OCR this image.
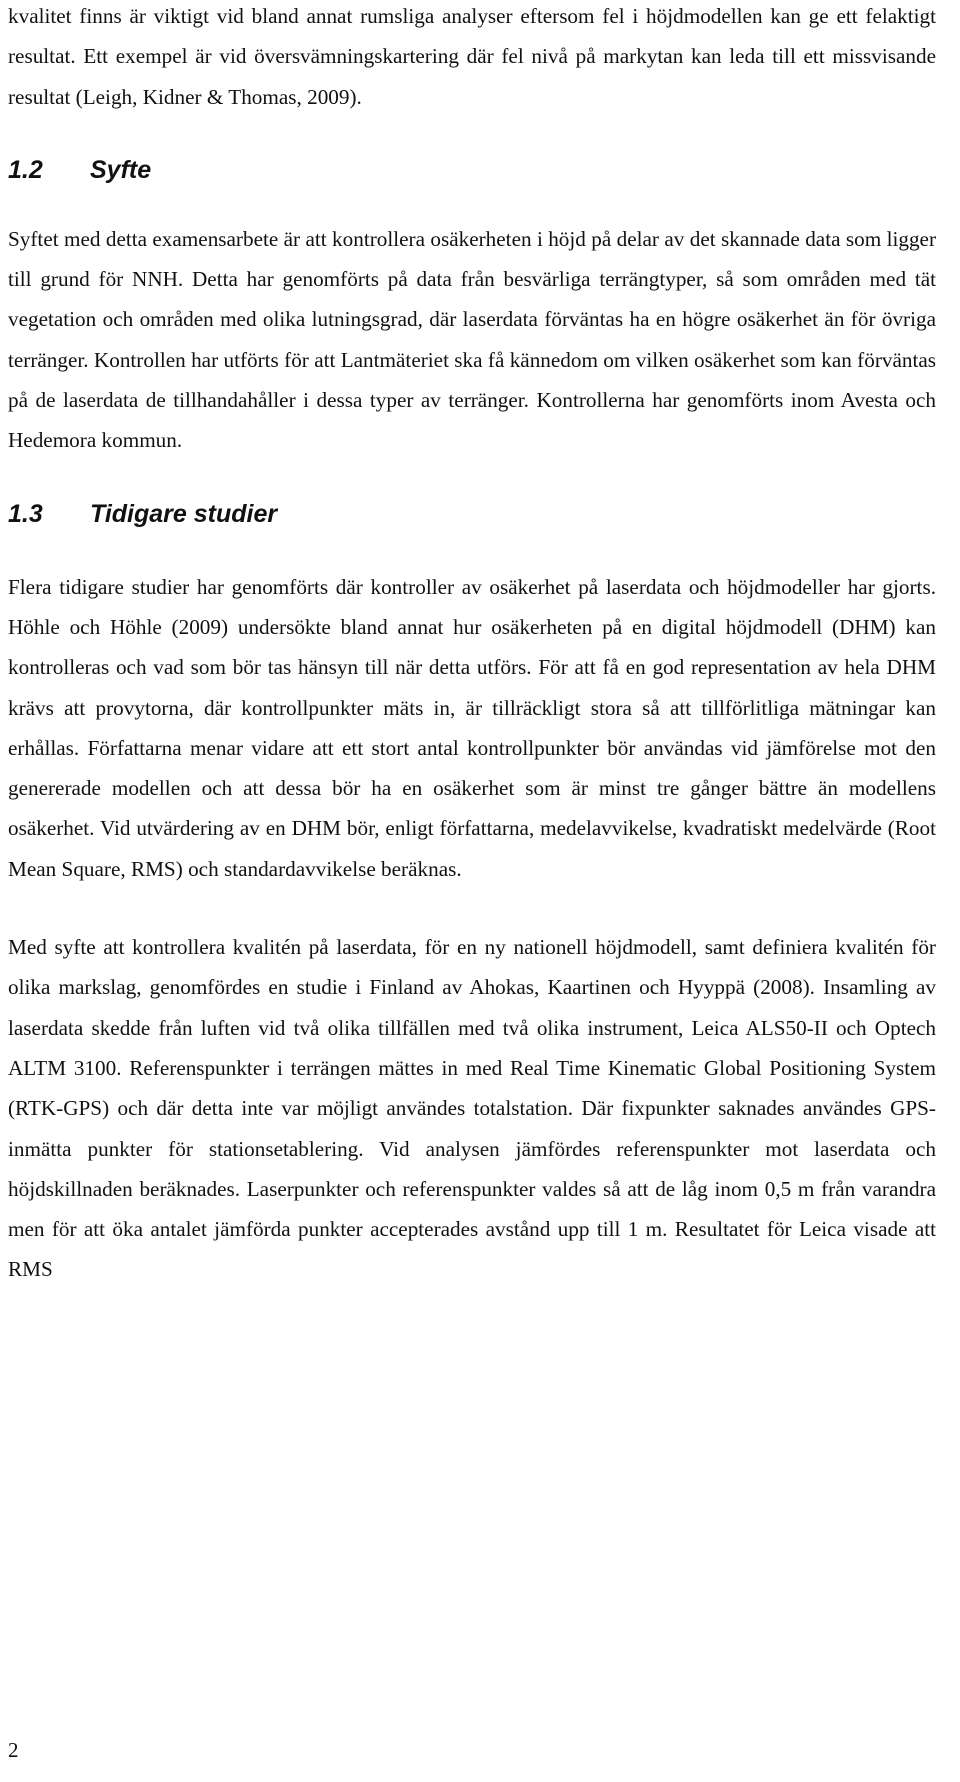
kvalitet finns är viktigt vid bland annat rumsliga analyser eftersom fel i höjdmodellen kan ge ett felaktigt resultat. Ett exempel är vid översvämningskartering där fel nivå på markytan kan leda till ett missvisande resultat (Leigh, Kidner & Thomas, 2009).

1.2 Syfte

Syftet med detta examensarbete är att kontrollera osäkerheten i höjd på delar av det skannade data som ligger till grund för NNH. Detta har genomförts på data från besvärliga terrängtyper, så som områden med tät vegetation och områden med olika lutningsgrad, där laserdata förväntas ha en högre osäkerhet än för övriga terränger. Kontrollen har utförts för att Lantmäteriet ska få kännedom om vilken osäkerhet som kan förväntas på de laserdata de tillhandahåller i dessa typer av terränger. Kontrollerna har genomförts inom Avesta och Hedemora kommun.

1.3 Tidigare studier

Flera tidigare studier har genomförts där kontroller av osäkerhet på laserdata och höjdmodeller har gjorts. Höhle och Höhle (2009) undersökte bland annat hur osäkerheten på en digital höjdmodell (DHM) kan kontrolleras och vad som bör tas hänsyn till när detta utförs. För att få en god representation av hela DHM krävs att provytorna, där kontrollpunkter mäts in, är tillräckligt stora så att tillförlitliga mätningar kan erhållas. Författarna menar vidare att ett stort antal kontrollpunkter bör användas vid jämförelse mot den genererade modellen och att dessa bör ha en osäkerhet som är minst tre gånger bättre än modellens osäkerhet. Vid utvärdering av en DHM bör, enligt författarna, medelavvikelse, kvadratiskt medelvärde (Root Mean Square, RMS) och standardavvikelse beräknas.

Med syfte att kontrollera kvalitén på laserdata, för en ny nationell höjdmodell, samt definiera kvalitén för olika markslag, genomfördes en studie i Finland av Ahokas, Kaartinen och Hyyppä (2008). Insamling av laserdata skedde från luften vid två olika tillfällen med två olika instrument, Leica ALS50-II och Optech ALTM 3100. Referenspunkter i terrängen mättes in med Real Time Kinematic Global Positioning System (RTK-GPS) och där detta inte var möjligt användes totalstation. Där fixpunkter saknades användes GPS-inmätta punkter för stationsetablering. Vid analysen jämfördes referenspunkter mot laserdata och höjdskillnaden beräknades. Laserpunkter och referenspunkter valdes så att de låg inom 0,5 m från varandra men för att öka antalet jämförda punkter accepterades avstånd upp till 1 m. Resultatet för Leica visade att RMS

2
